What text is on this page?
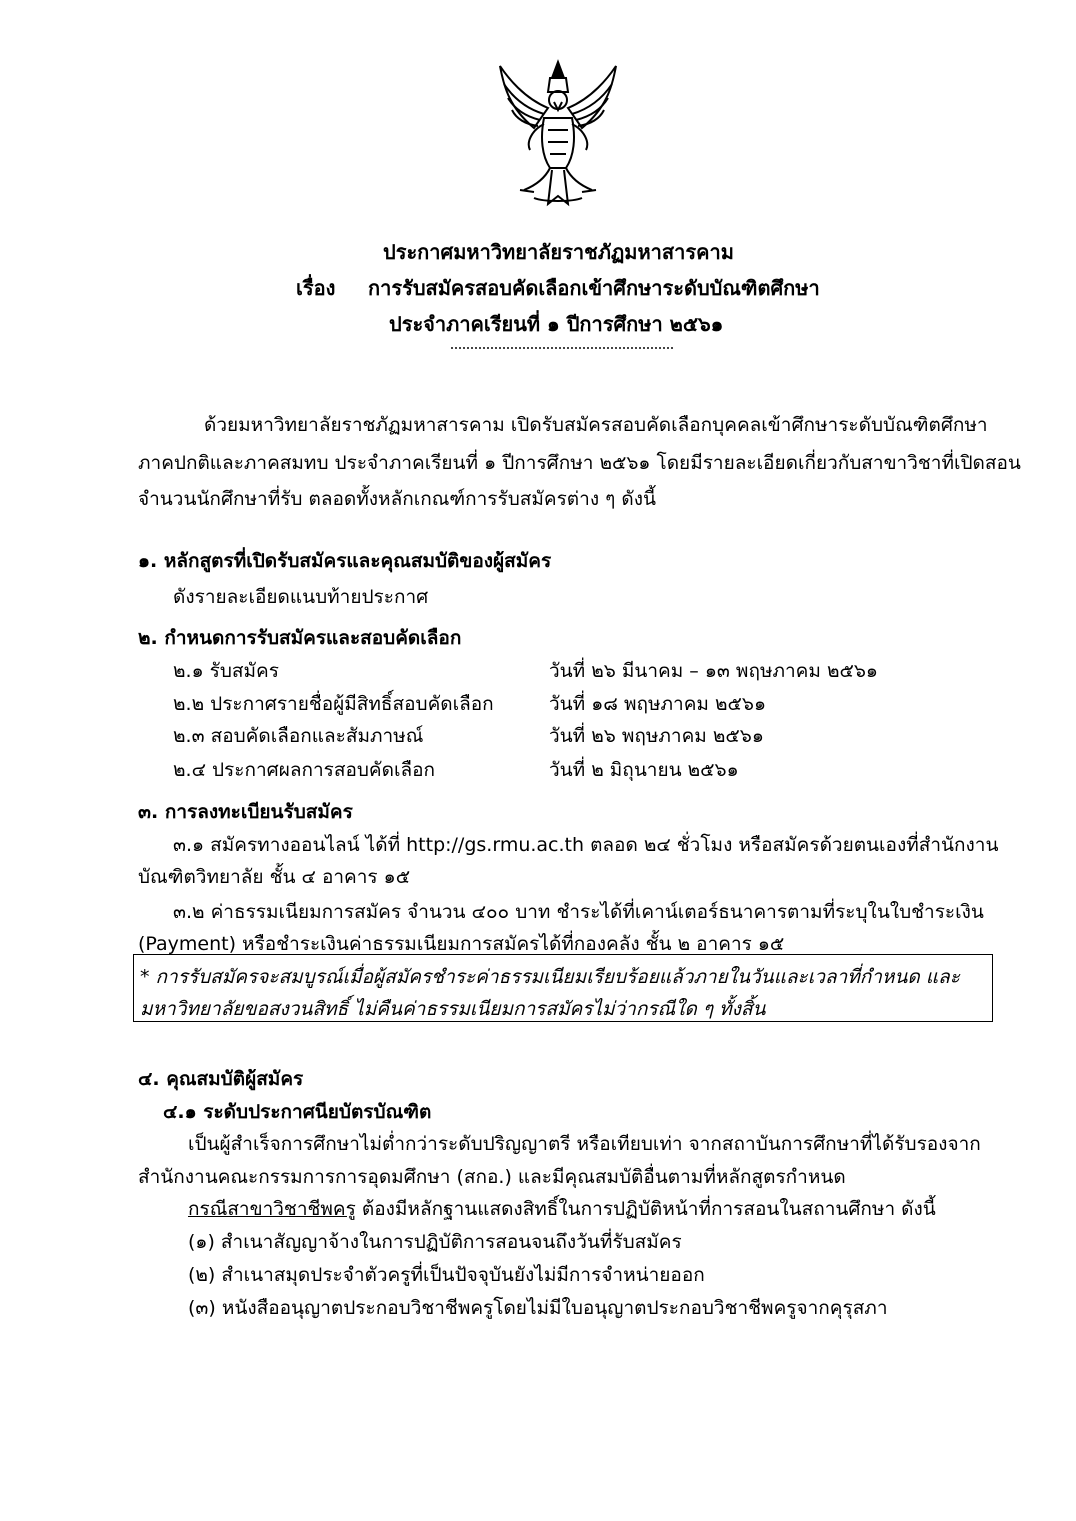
ประกาศมหาวิทยาลัยราชภัฏมหาสารคาม
เรื่อง การรับสมัครสอบคัดเลือกเข้าศึกษาระดับบัณฑิตศึกษา
ประจำภาคเรียนที่ ๑ ปีการศึกษา ๒๕๖๑
ด้วยมหาวิทยาลัยราชภัฏมหาสารคาม เปิดรับสมัครสอบคัดเลือกบุคคลเข้าศึกษาระดับบัณฑิตศึกษา
ภาคปกติและภาคสมทบ ประจำภาคเรียนที่ ๑ ปีการศึกษา ๒๕๖๑ โดยมีรายละเอียดเกี่ยวกับสาขาวิชาที่เปิดสอน
จำนวนนักศึกษาที่รับ ตลอดทั้งหลักเกณฑ์การรับสมัครต่าง ๆ ดังนี้
๑. หลักสูตรที่เปิดรับสมัครและคุณสมบัติของผู้สมัคร
ดังรายละเอียดแนบท้ายประกาศ
๒. กำหนดการรับสมัครและสอบคัดเลือก
๒.๑ รับสมัคร	วันที่ ๒๖ มีนาคม – ๑๓ พฤษภาคม ๒๕๖๑
๒.๒ ประกาศรายชื่อผู้มีสิทธิ์สอบคัดเลือก	วันที่ ๑๘ พฤษภาคม ๒๕๖๑
๒.๓ สอบคัดเลือกและสัมภาษณ์	วันที่ ๒๖ พฤษภาคม ๒๕๖๑
๒.๔ ประกาศผลการสอบคัดเลือก	วันที่ ๒ มิถุนายน ๒๕๖๑
๓. การลงทะเบียนรับสมัคร
๓.๑ สมัครทางออนไลน์ ได้ที่ http://gs.rmu.ac.th ตลอด ๒๔ ชั่วโมง หรือสมัครด้วยตนเองที่สำนักงาน
บัณฑิตวิทยาลัย ชั้น ๔ อาคาร ๑๕
๓.๒ ค่าธรรมเนียมการสมัคร จำนวน ๔๐๐ บาท ชำระได้ที่เคาน์เตอร์ธนาคารตามที่ระบุในใบชำระเงิน
(Payment) หรือชำระเงินค่าธรรมเนียมการสมัครได้ที่กองคลัง ชั้น ๒ อาคาร ๑๕
* การรับสมัครจะสมบูรณ์เมื่อผู้สมัครชำระค่าธรรมเนียมเรียบร้อยแล้วภายในวันและเวลาที่กำหนด และ
มหาวิทยาลัยขอสงวนสิทธิ์ ไม่คืนค่าธรรมเนียมการสมัครไม่ว่ากรณีใด ๆ ทั้งสิ้น
๔. คุณสมบัติผู้สมัคร
๔.๑ ระดับประกาศนียบัตรบัณฑิต
เป็นผู้สำเร็จการศึกษาไม่ต่ำกว่าระดับปริญญาตรี หรือเทียบเท่า จากสถาบันการศึกษาที่ได้รับรองจาก
สำนักงานคณะกรรมการการอุดมศึกษา (สกอ.) และมีคุณสมบัติอื่นตามที่หลักสูตรกำหนด
กรณีสาขาวิชาชีพครู ต้องมีหลักฐานแสดงสิทธิ์ในการปฏิบัติหน้าที่การสอนในสถานศึกษา ดังนี้
(๑) สำเนาสัญญาจ้างในการปฏิบัติการสอนจนถึงวันที่รับสมัคร
(๒) สำเนาสมุดประจำตัวครูที่เป็นปัจจุบันยังไม่มีการจำหน่ายออก
(๓) หนังสืออนุญาตประกอบวิชาชีพครูโดยไม่มีใบอนุญาตประกอบวิชาชีพครูจากคุรุสภา
